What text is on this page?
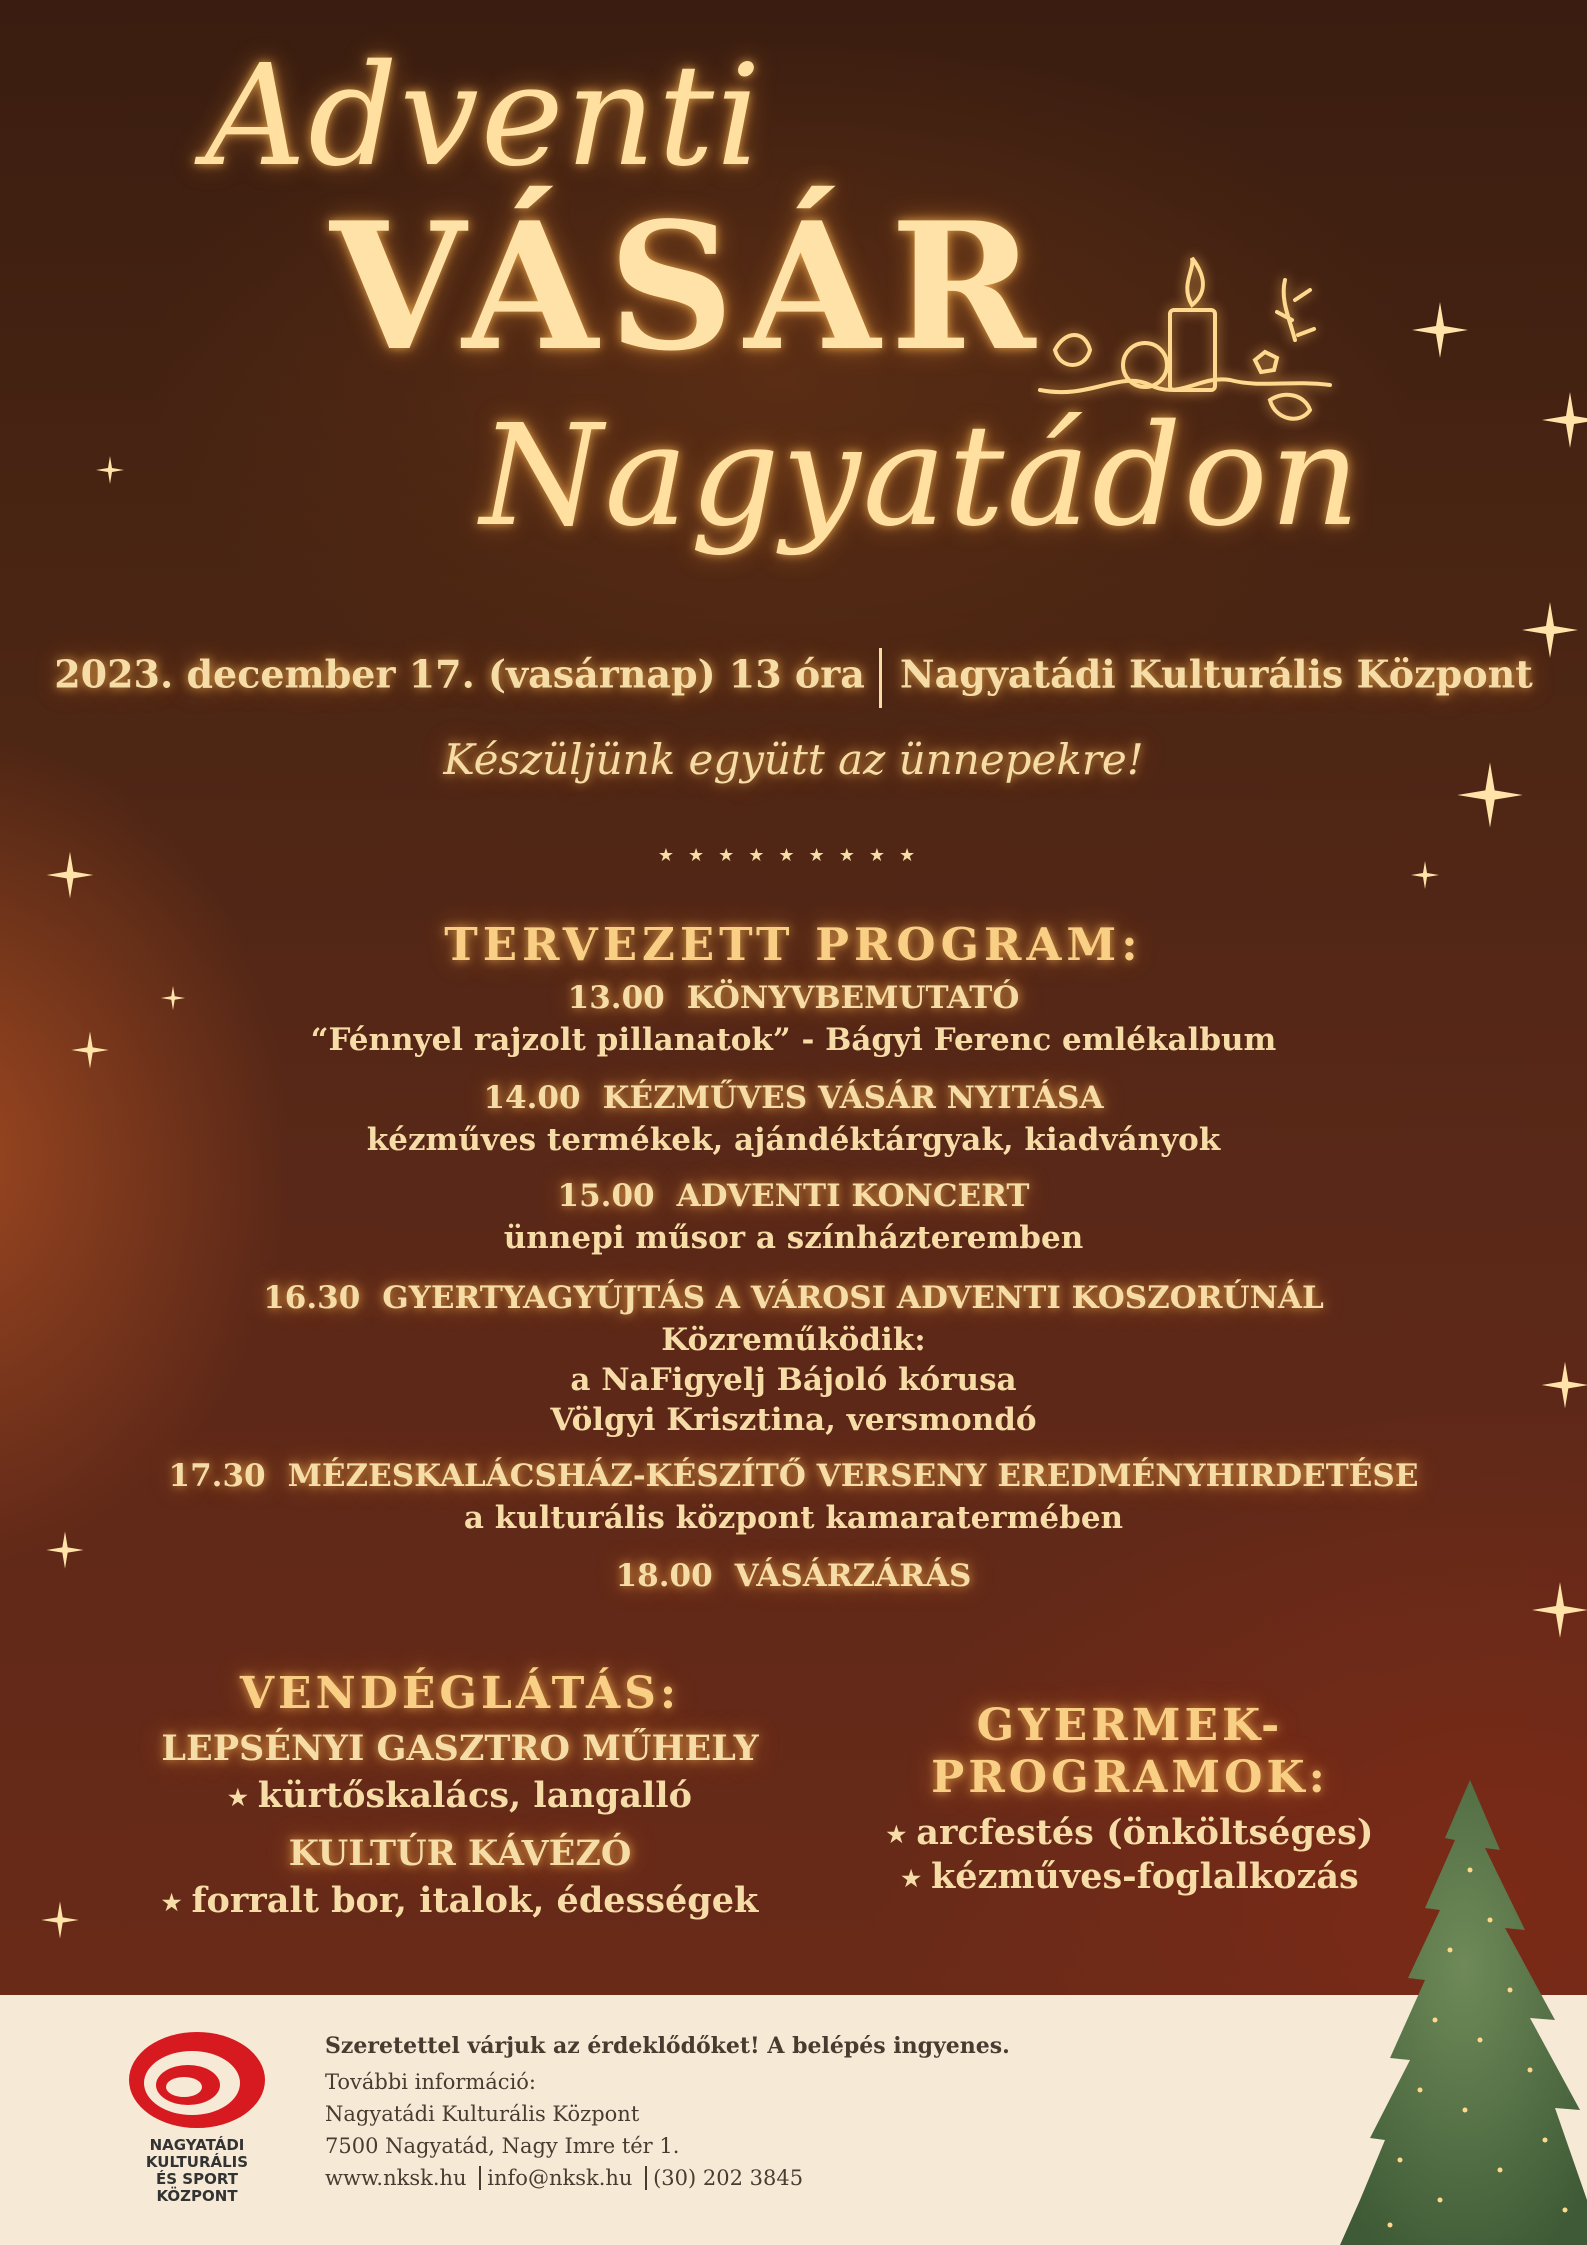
Adventi
VÁSÁR
Nagyatádon
2023. december 17. (vasárnap) 13 óra Nagyatádi Kulturális Központ
Készüljünk együtt az ünnepekre!
★★★★★★★★★
TERVEZETT PROGRAM:
13.00 KÖNYVBEMUTATÓ
“Fénnyel rajzolt pillanatok” - Bágyi Ferenc emlékalbum
14.00 KÉZMŰVES VÁSÁR NYITÁSA
kézműves termékek, ajándéktárgyak, kiadványok
15.00 ADVENTI KONCERT
ünnepi műsor a színházteremben
16.30 GYERTYAGYÚJTÁS A VÁROSI ADVENTI KOSZORÚNÁL
Közreműködik:
a NaFigyelj Bájoló kórusa
Völgyi Krisztina, versmondó
17.30 MÉZESKALÁCSHÁZ-KÉSZÍTŐ VERSENY EREDMÉNYHIRDETÉSE
a kulturális központ kamaratermében
18.00 VÁSÁRZÁRÁS
VENDÉGLÁTÁS:
LEPSÉNYI GASZTRO MŰHELY
★ kürtőskalács, langalló
KULTÚR KÁVÉZÓ
★ forralt bor, italok, édességek
GYERMEK-
PROGRAMOK:
★ arcfestés (önköltséges)
★ kézműves-foglalkozás
NAGYATÁDI
KULTURÁLIS
ÉS SPORT
KÖZPONT
Szeretettel várjuk az érdeklődőket! A belépés ingyenes.
További információ:
Nagyatádi Kulturális Központ
7500 Nagyatád, Nagy Imre tér 1.
www.nksk.hu info@nksk.hu (30) 202 3845
